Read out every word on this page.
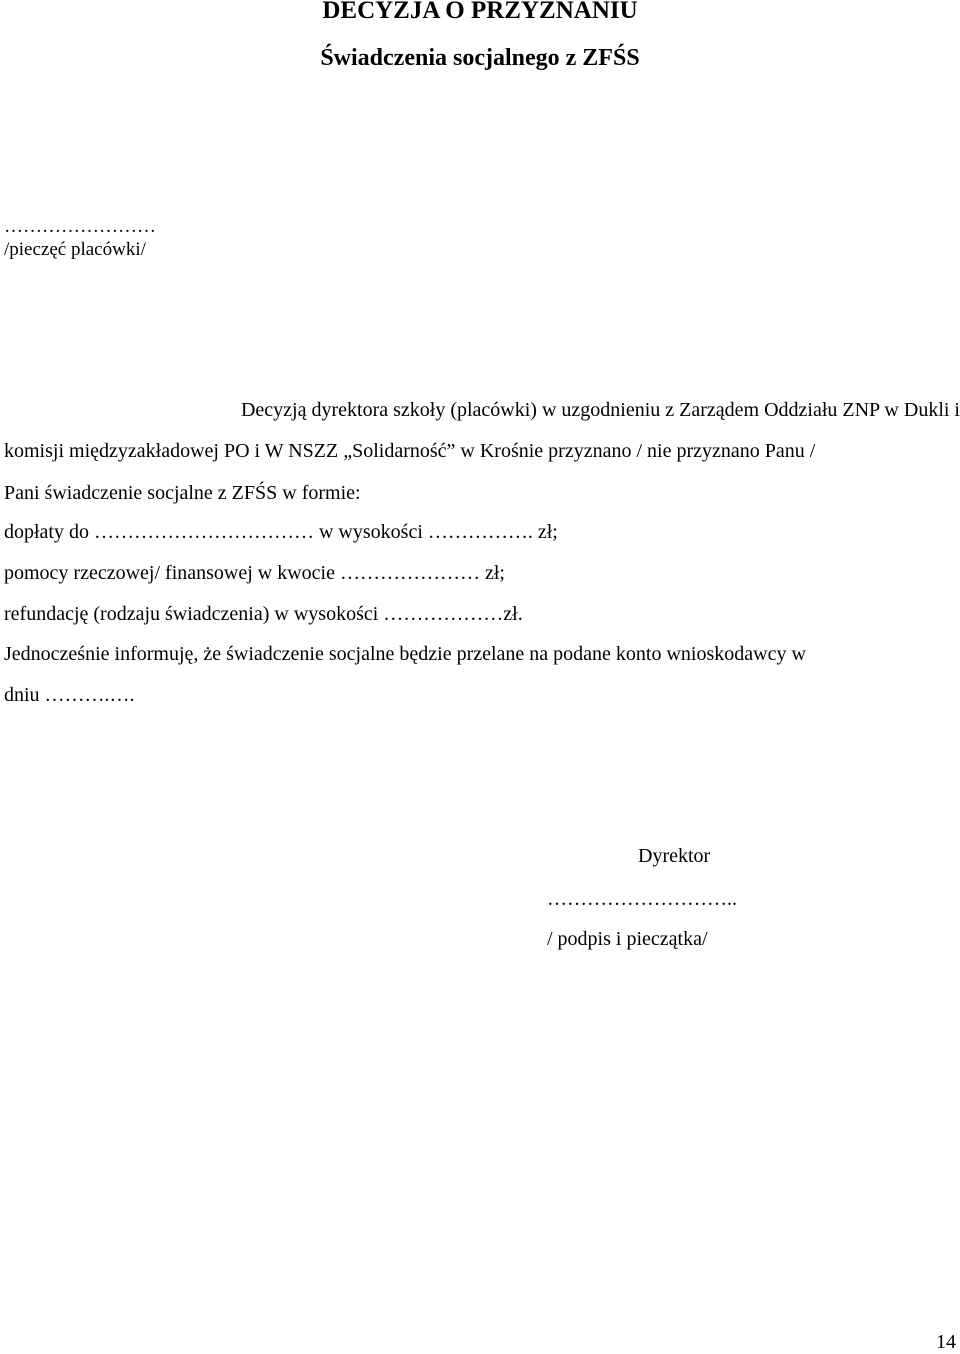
DECYZJA O PRZYZNANIU
Świadczenia socjalnego z ZFŚS
……………………
/pieczęć placówki/
Decyzją dyrektora szkoły (placówki) w uzgodnieniu z Zarządem Oddziału ZNP w Dukli i
komisji międzyzakładowej PO i W NSZZ „Solidarność” w Krośnie przyznano / nie przyznano Panu /
Pani świadczenie socjalne z ZFŚS w formie:
dopłaty do …………………………… w wysokości ……………. zł;
pomocy rzeczowej/ finansowej w kwocie ………………… zł;
refundację (rodzaju świadczenia) w wysokości ………………zł.
Jednocześnie informuję, że świadczenie socjalne będzie przelane na podane konto wnioskodawcy w
dniu ……….….
Dyrektor
………………………..
/ podpis i pieczątka/
14
